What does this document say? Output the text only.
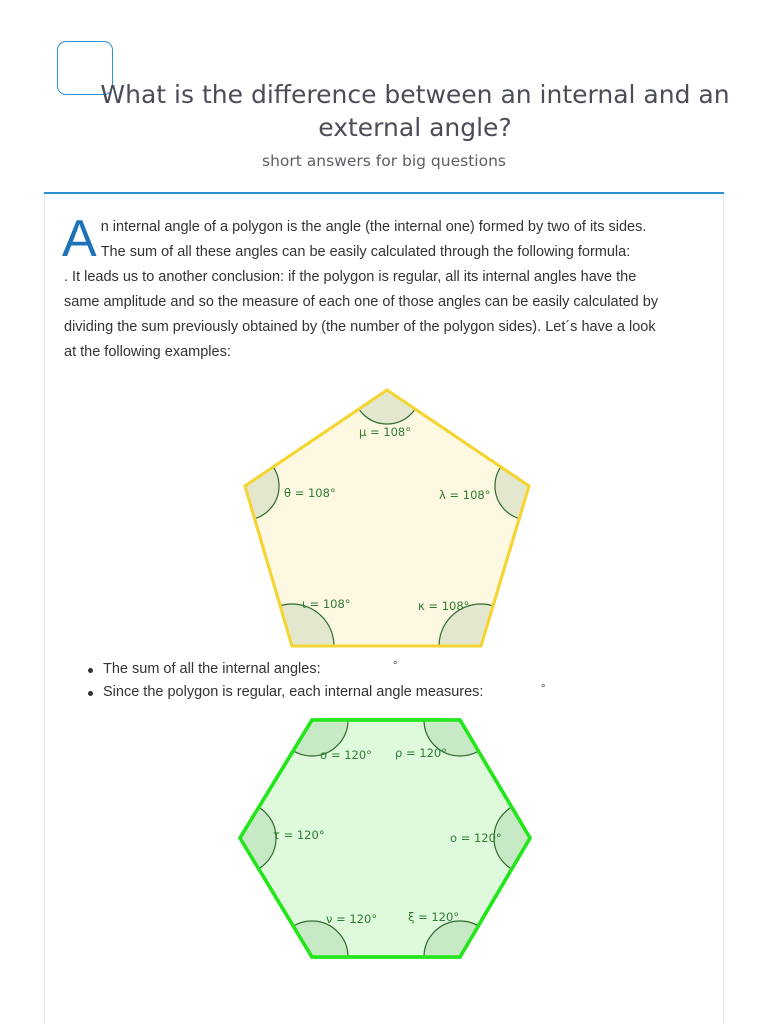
What is the difference between an internal and an external angle?
short answers for big questions
A n internal angle of a polygon is the angle (the internal one) formed by two of its sides.
The sum of all these angles can be easily calculated through the following formula:
. It leads us to another conclusion: if the polygon is regular, all its internal angles have the
same amplitude and so the measure of each one of those angles can be easily calculated by
dividing the sum previously obtained by (the number of the polygon sides). Let´s have a look
at the following examples:
μ = 108°
θ = 108°	λ = 108°
ι = 108°	κ = 108°
The sum of all the internal angles:	°
Since the polygon is regular, each internal angle measures:	°
σ = 120° ρ = 120°
τ = 120°	ο = 120°
ν = 120°	ξ = 120°
